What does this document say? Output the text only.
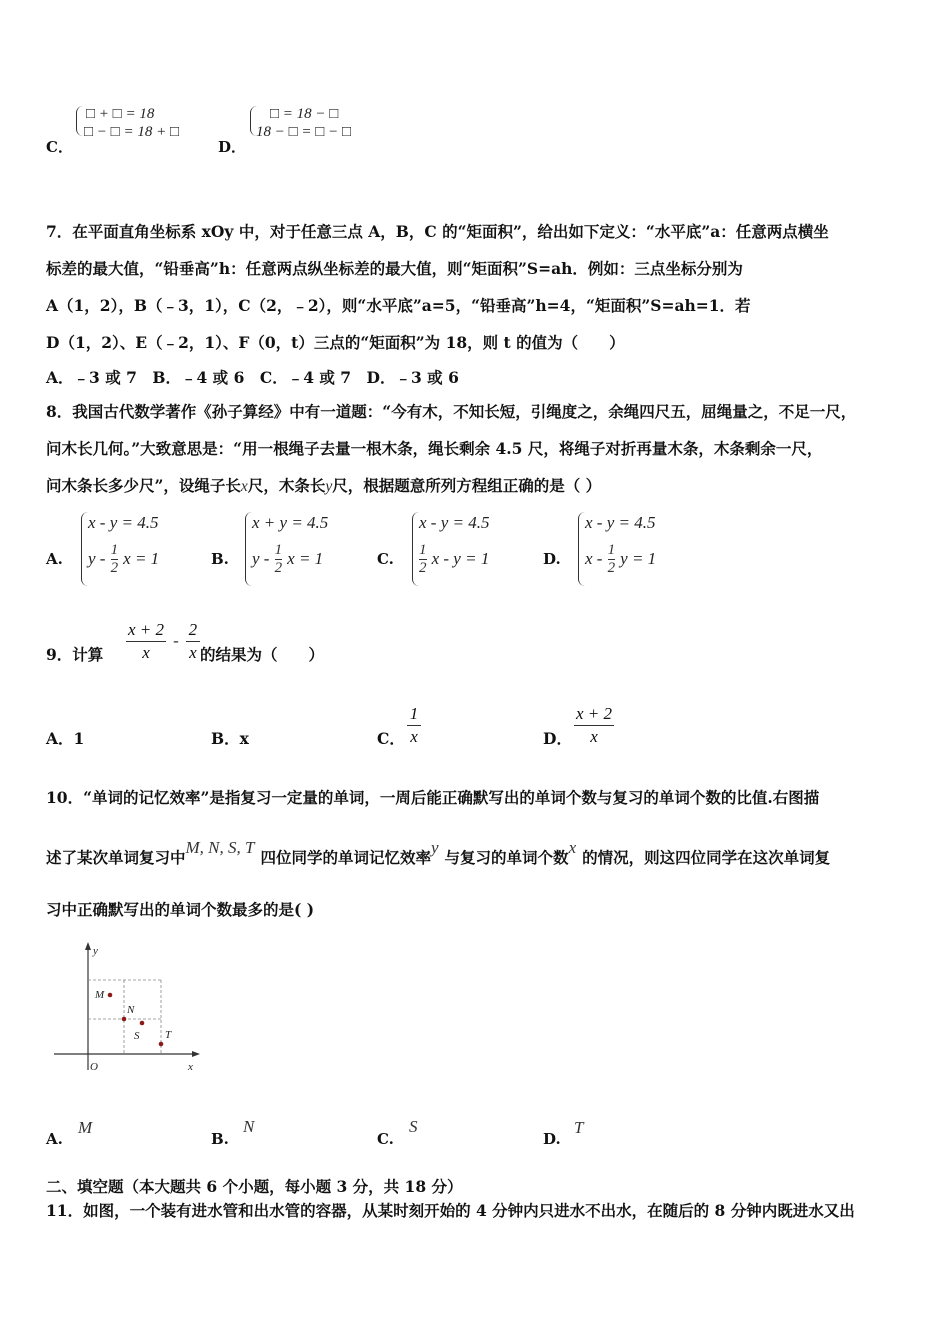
C．
□ + □ = 18
□ − □ = 18 + □
D．
□ = 18 − □
18 − □ = □ − □
7．在平面直角坐标系 xOy 中，对于任意三点 A，B，C 的“矩面积”，给出如下定义：“水平底”a：任意两点横坐
标差的最大值，“铅垂高”h：任意两点纵坐标差的最大值，则“矩面积”S=ah．例如：三点坐标分别为
A（1，2），B（﹣3，1），C（2，﹣2），则“水平底”a=5，“铅垂高”h=4，“矩面积”S=ah=1．若
D（1，2）、E（﹣2，1）、F（0，t）三点的“矩面积”为 18，则 t 的值为（　　）
A．﹣3 或 7　B．﹣4 或 6　C．﹣4 或 7　D．﹣3 或 6
8．我国古代数学著作《孙子算经》中有一道题：“今有木，不知长短，引绳度之，余绳四尺五，屈绳量之，不足一尺，
问木长几何。”大致意思是：“用一根绳子去量一根木条，绳长剩余 4.5 尺，将绳子对折再量木条，木条剩余一尺，
问木条长多少尺”，设绳子长x尺，木条长y尺，根据题意所列方程组正确的是（ ）
A.
x - y = 4.5
y - $\frac{1}{2}$ x = 1	B.
x + y = 4.5
y - $\frac{1}{2}$ x = 1	C.
x - y = 4.5
$\frac{1}{2}$ x - y = 1	D.
x - y = 4.5
x - $\frac{1}{2}$ y = 1
9．计算 $\frac{x + 2}{x} - \frac{2}{x}$ 的结果为（　　）
A．1	B．x	C． $\frac{1}{x}$	D． $\frac{x + 2}{x}$
10．“单词的记忆效率”是指复习一定量的单词，一周后能正确默写出的单词个数与复习的单词个数的比值.右图描
述了某次单词复习中M, N, S, T四位同学的单词记忆效率y与复习的单词个数x的情况，则这四位同学在这次单词复
习中正确默写出的单词个数最多的是( )
y
x
O
M
N
S T
A.
M
B.
N
C.
S
D.
T
二、填空题（本大题共 6 个小题，每小题 3 分，共 18 分）
11．如图，一个装有进水管和出水管的容器，从某时刻开始的 4 分钟内只进水不出水，在随后的 8 分钟内既进水又出
